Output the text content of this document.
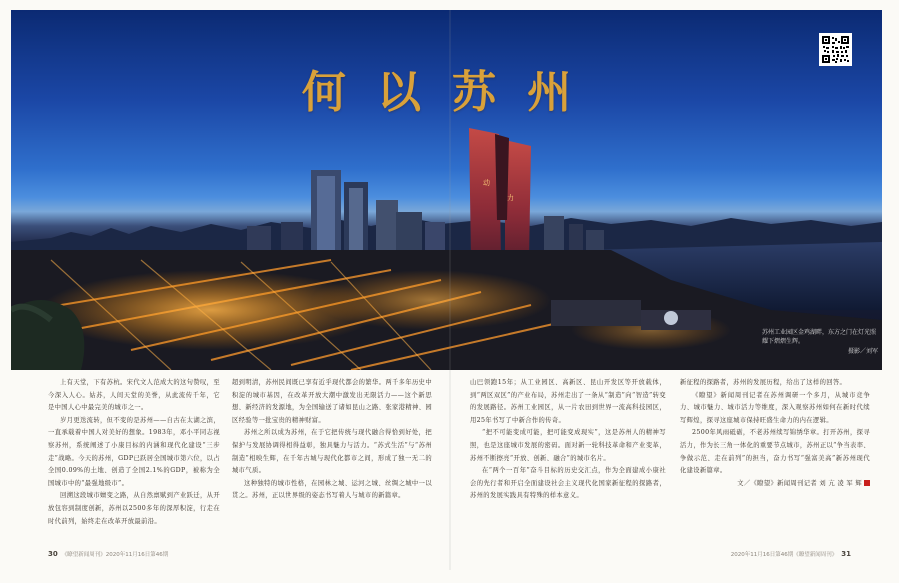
动
力
何 以 苏 州
苏州工业园区金鸡湖畔，东方之门在灯光照耀下熠熠生辉。
摄影／刘军

上有天堂，下有苏杭。宋代文人范成大的这句赞叹，至今深入人心。姑苏，人间天堂的美誉，从此流传千年，它是中国人心中最完美的城市之一。

岁月更迭流转，但不变的是苏州——自古在太湖之滨，一直承载着中国人对美好的想象。1983年，邓小平同志视察苏州，系统阐述了小康目标的内涵和现代化建设“三步走”战略。今天的苏州，GDP已跃居全国城市第六位，以占全国0.09%的土地、创造了全国2.1%的GDP，被称为全国城市中的“最强地级市”。

回溯这段城市嬗变之路，从自然禀赋到产业跃迁，从开放包容到制度创新，苏州以2500多年的深厚积淀，行走在时代前列，始终走在改革开放最前沿。

超到明清，苏州民间既已享有近乎现代都会的繁华。两千多年历史中积淀的城市基因，在改革开放大潮中激发出无限活力——这个新思想、新经济的发源地，为全国输送了诸如昆山之路、张家港精神、园区经验等一批宝贵的精神财富。

苏州之所以成为苏州，在于它把传统与现代融合得恰到好处，把保护与发展协调得相得益彰，独具魅力与活力。“苏式生活”与“苏州制造”相映生辉，在千年古城与现代化都市之间，形成了独一无二的城市气质。

这种独特的城市性格，在园林之城、运河之城、丝绸之城中一以贯之。苏州，正以世界级的姿态书写着人与城市的新篇章。

山巴领跑15年；从工业园区、高新区、昆山开发区等开放载体，到“两区双区”的产业布局，苏州走出了一条从“制造”向“智造”转变的发展路径。苏州工业园区，从一片农田到世界一流高科技园区，用25年书写了中新合作的传奇。

“把不可能变成可能，把可能变成现实”，这是苏州人的精神写照，也是这座城市发展的密码。面对新一轮科技革命和产业变革，苏州不断擦亮“开放、创新、融合”的城市名片。

在“两个一百年”奋斗目标的历史交汇点，作为全面建成小康社会的先行者和开启全面建设社会主义现代化国家新征程的探路者，苏州的发展实践具有特殊的样本意义。

新征程的探路者，苏州的发展历程，给出了这样的回答。

《瞭望》新闻周刊记者在苏州调研一个多月，从城市竞争力、城市魅力、城市活力等维度，深入观察苏州如何在新时代续写辉煌，探寻这座城市保持旺盛生命力的内在逻辑。

2500年风雨砥砺，不老苏州续写锦绣华章。打开苏州，探寻活力，作为长三角一体化的重要节点城市，苏州正以“争当表率、争做示范、走在前列”的担当，奋力书写“强富美高”新苏州现代化建设新篇章。

文／《瞭望》新闻周刊记者 刘 亢 凌 军 辉

30 《瞭望新闻周刊》2020年11月16日第46期	2020年11月16日第46期《瞭望新闻周刊》 31
